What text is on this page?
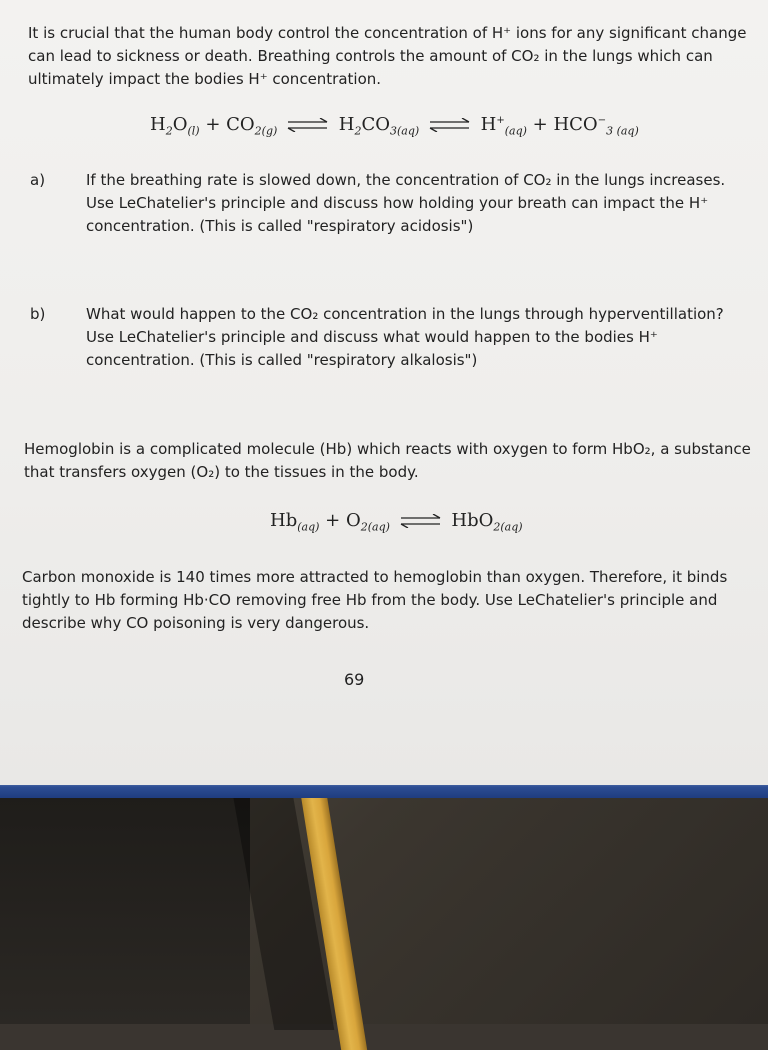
It is crucial that the human body control the concentration of H⁺ ions for any significant change
can lead to sickness or death. Breathing controls the amount of CO₂ in the lungs which can
ultimately impact the bodies H⁺ concentration.
$H_2O_{(l)} + CO_{2(g)}$ ⇌ $H_2CO_{3(aq)}$ ⇌ $H^+_{(aq)} + HCO^-_{3 (aq)}$
a)	If the breathing rate is slowed down, the concentration of CO₂ in the lungs increases.
Use LeChatelier's principle and discuss how holding your breath can impact the H⁺
concentration. (This is called "respiratory acidosis")
b)	What would happen to the CO₂ concentration in the lungs through hyperventillation?
Use LeChatelier's principle and discuss what would happen to the bodies H⁺
concentration. (This is called "respiratory alkalosis")
Hemoglobin is a complicated molecule (Hb) which reacts with oxygen to form HbO₂, a substance
that transfers oxygen (O₂) to the tissues in the body.
$Hb_{(aq)} + O_{2(aq)}$ ⇌ HbO$_{2(aq)}$
Carbon monoxide is 140 times more attracted to hemoglobin than oxygen. Therefore, it binds
tightly to Hb forming Hb·CO removing free Hb from the body. Use LeChatelier's principle and
describe why CO poisoning is very dangerous.
69
